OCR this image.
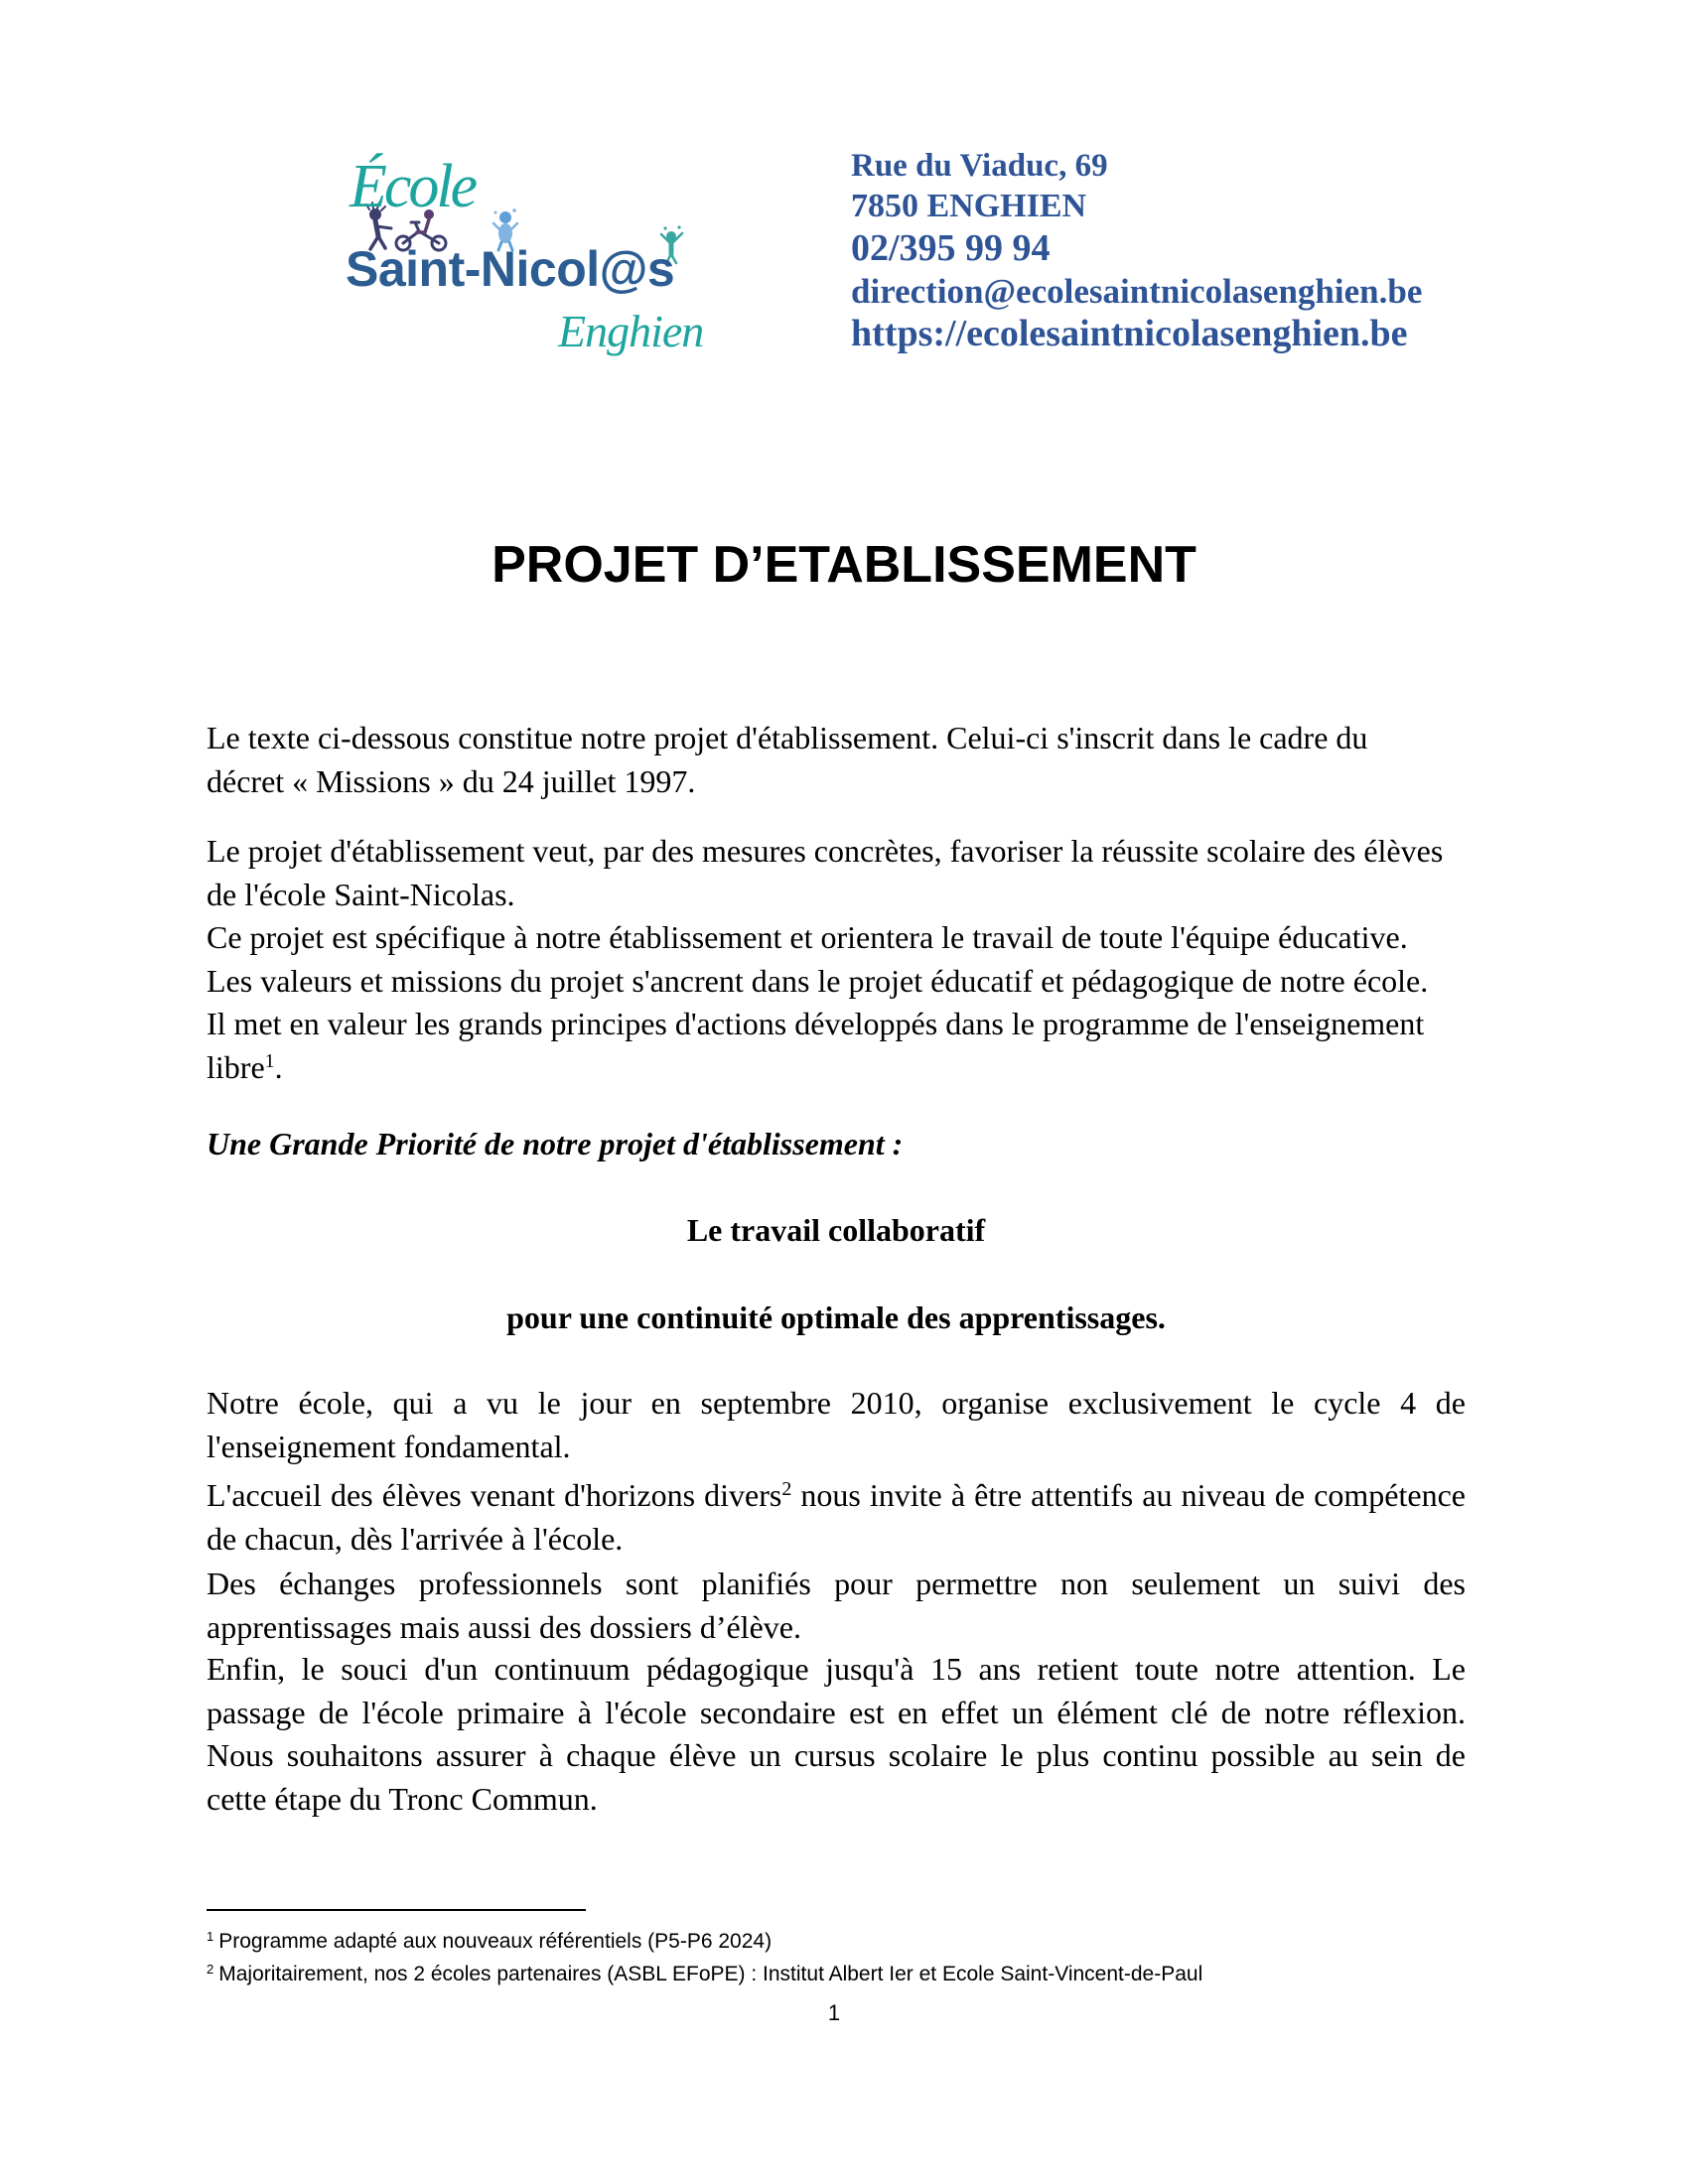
École
Saint-Nicol@s
Enghien
Rue du Viaduc, 69
7850 ENGHIEN
02/395 99 94
direction@ecolesaintnicolasenghien.be
https://ecolesaintnicolasenghien.be
PROJET D’ETABLISSEMENT
Le texte ci-dessous constitue notre projet d'établissement. Celui-ci s'inscrit dans le cadre du
décret « Missions » du 24 juillet 1997.
Le projet d'établissement veut, par des mesures concrètes, favoriser la réussite scolaire des élèves
de l'école Saint-Nicolas.
Ce projet est spécifique à notre établissement et orientera le travail de toute l'équipe éducative.
Les valeurs et missions du projet s'ancrent dans le projet éducatif et pédagogique de notre école.
Il met en valeur les grands principes d'actions développés dans le programme de l'enseignement
libre$^1$.
Une Grande Priorité de notre projet d'établissement :
Le travail collaboratif
pour une continuité optimale des apprentissages.
Notre école, qui a vu le jour en septembre 2010, organise exclusivement le cycle 4 de
l'enseignement fondamental.
L'accueil des élèves venant d'horizons divers$^2$ nous invite à être attentifs au niveau de compétence
de chacun, dès l'arrivée à l'école.
Des échanges professionnels sont planifiés pour permettre non seulement un suivi des
apprentissages mais aussi des dossiers d’élève.
Enfin, le souci d'un continuum pédagogique jusqu'à 15 ans retient toute notre attention. Le
passage de l'école primaire à l'école secondaire est en effet un élément clé de notre réflexion.
Nous souhaitons assurer à chaque élève un cursus scolaire le plus continu possible au sein de
cette étape du Tronc Commun.
$^1$ Programme adapté aux nouveaux référentiels (P5-P6 2024)
$^2$ Majoritairement, nos 2 écoles partenaires (ASBL EFoPE) : Institut Albert Ier et Ecole Saint-Vincent-de-Paul
1
